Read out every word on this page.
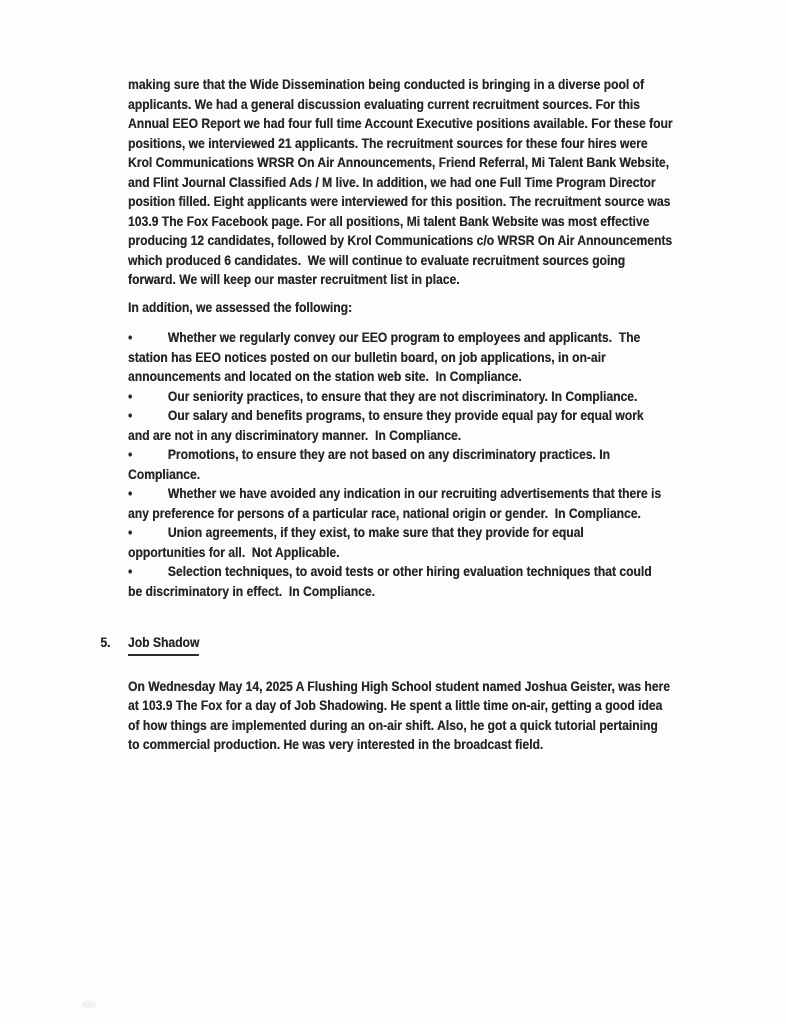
making sure that the Wide Dissemination being conducted is bringing in a diverse pool of
applicants. We had a general discussion evaluating current recruitment sources. For this
Annual EEO Report we had four full time Account Executive positions available. For these four
positions, we interviewed 21 applicants. The recruitment sources for these four hires were
Krol Communications WRSR On Air Announcements, Friend Referral, Mi Talent Bank Website,
and Flint Journal Classified Ads / M live. In addition, we had one Full Time Program Director
position filled. Eight applicants were interviewed for this position. The recruitment source was
103.9 The Fox Facebook page. For all positions, Mi talent Bank Website was most effective
producing 12 candidates, followed by Krol Communications c/o WRSR On Air Announcements
which produced 6 candidates.  We will continue to evaluate recruitment sources going
forward. We will keep our master recruitment list in place.
In addition, we assessed the following:
•	Whether we regularly convey our EEO program to employees and applicants.  The
station has EEO notices posted on our bulletin board, on job applications, in on-air
announcements and located on the station web site.  In Compliance.
•	Our seniority practices, to ensure that they are not discriminatory. In Compliance.
•	Our salary and benefits programs, to ensure they provide equal pay for equal work
and are not in any discriminatory manner.  In Compliance.
•	Promotions, to ensure they are not based on any discriminatory practices. In
Compliance.
•	Whether we have avoided any indication in our recruiting advertisements that there is
any preference for persons of a particular race, national origin or gender.  In Compliance.
•	Union agreements, if they exist, to make sure that they provide for equal
opportunities for all.  Not Applicable.
•	Selection techniques, to avoid tests or other hiring evaluation techniques that could
be discriminatory in effect.  In Compliance.
5. Job Shadow
On Wednesday May 14, 2025 A Flushing High School student named Joshua Geister, was here
at 103.9 The Fox for a day of Job Shadowing. He spent a little time on-air, getting a good idea
of how things are implemented during an on-air shift. Also, he got a quick tutorial pertaining
to commercial production. He was very interested in the broadcast field.
